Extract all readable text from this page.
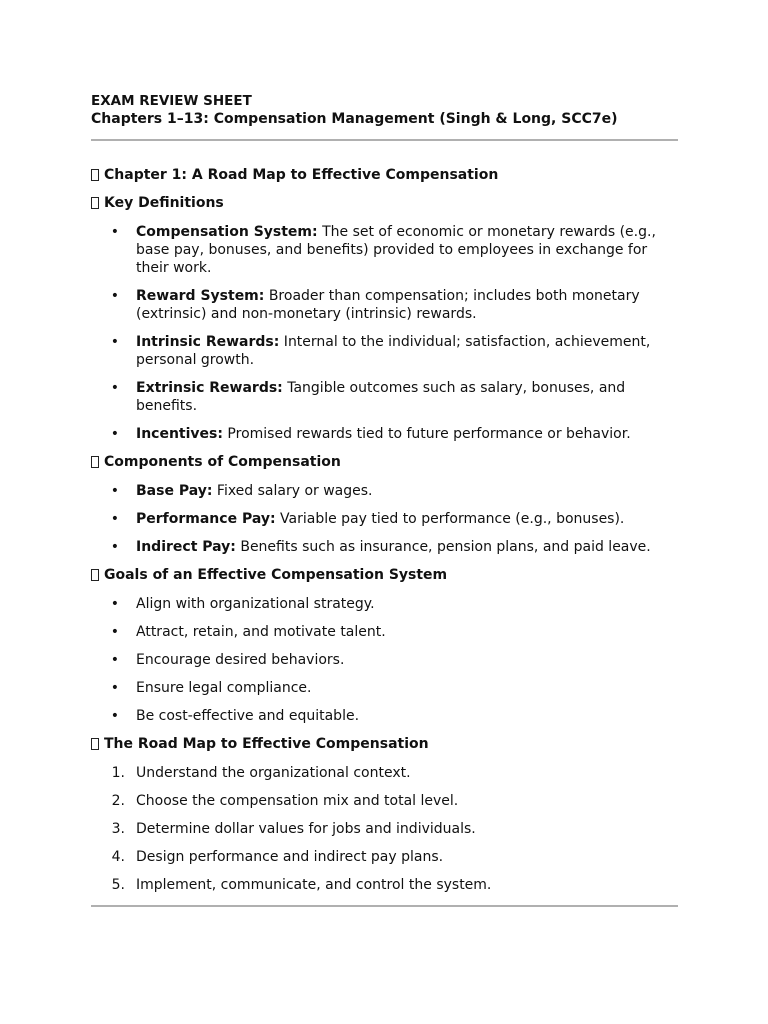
EXAM REVIEW SHEET

Chapters 1–13: Compensation Management (Singh & Long, SCC7e)

Chapter 1: A Road Map to Effective Compensation

Key Definitions

• Compensation System: The set of economic or monetary rewards (e.g., base pay, bonuses, and benefits) provided to employees in exchange for their work.
• Reward System: Broader than compensation; includes both monetary (extrinsic) and non-monetary (intrinsic) rewards.
• Intrinsic Rewards: Internal to the individual; satisfaction, achievement, personal growth.
• Extrinsic Rewards: Tangible outcomes such as salary, bonuses, and benefits.
• Incentives: Promised rewards tied to future performance or behavior.

Components of Compensation

• Base Pay: Fixed salary or wages.
• Performance Pay: Variable pay tied to performance (e.g., bonuses).
• Indirect Pay: Benefits such as insurance, pension plans, and paid leave.

Goals of an Effective Compensation System

• Align with organizational strategy.
• Attract, retain, and motivate talent.
• Encourage desired behaviors.
• Ensure legal compliance.
• Be cost-effective and equitable.

The Road Map to Effective Compensation

1. Understand the organizational context.
2. Choose the compensation mix and total level.
3. Determine dollar values for jobs and individuals.
4. Design performance and indirect pay plans.
5. Implement, communicate, and control the system.
